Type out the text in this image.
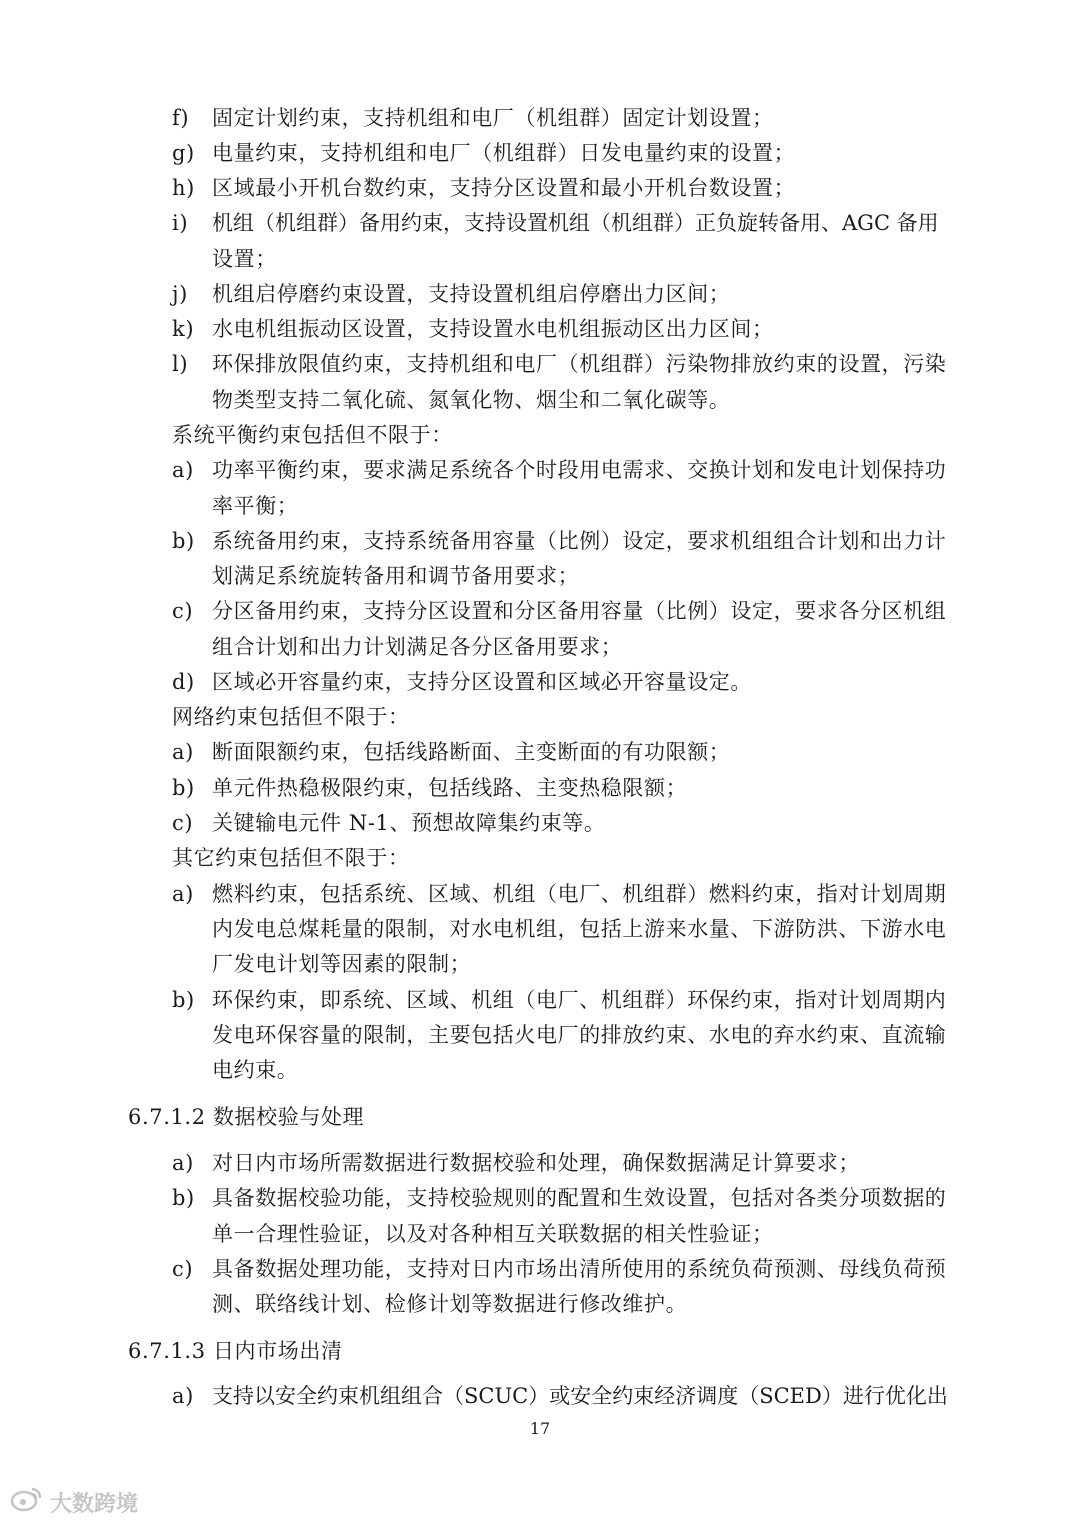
f)	固定计划约束，支持机组和电厂（机组群）固定计划设置；
g) 电量约束，支持机组和电厂（机组群）日发电量约束的设置；
h) 区域最小开机台数约束，支持分区设置和最小开机台数设置；
i)	机组（机组群）备用约束，支持设置机组（机组群）正负旋转备用、AGC 备用
设置；
j)	机组启停磨约束设置，支持设置机组启停磨出力区间；
k) 水电机组振动区设置，支持设置水电机组振动区出力区间；
l)	环保排放限值约束，支持机组和电厂（机组群）污染物排放约束的设置，污染
物类型支持二氧化硫、氮氧化物、烟尘和二氧化碳等。
系统平衡约束包括但不限于：
a) 功率平衡约束，要求满足系统各个时段用电需求、交换计划和发电计划保持功
率平衡；
b) 系统备用约束，支持系统备用容量（比例）设定，要求机组组合计划和出力计
划满足系统旋转备用和调节备用要求；
c) 分区备用约束，支持分区设置和分区备用容量（比例）设定，要求各分区机组
组合计划和出力计划满足各分区备用要求；
d) 区域必开容量约束，支持分区设置和区域必开容量设定。
网络约束包括但不限于：
a) 断面限额约束，包括线路断面、主变断面的有功限额；
b) 单元件热稳极限约束，包括线路、主变热稳限额；
c) 关键输电元件 N-1、预想故障集约束等。
其它约束包括但不限于：
a) 燃料约束，包括系统、区域、机组（电厂、机组群）燃料约束，指对计划周期
内发电总煤耗量的限制，对水电机组，包括上游来水量、下游防洪、下游水电
厂发电计划等因素的限制；
b) 环保约束，即系统、区域、机组（电厂、机组群）环保约束，指对计划周期内
发电环保容量的限制，主要包括火电厂的排放约束、水电的弃水约束、直流输
电约束。
6.7.1.2 数据校验与处理
a) 对日内市场所需数据进行数据校验和处理，确保数据满足计算要求；
b) 具备数据校验功能，支持校验规则的配置和生效设置，包括对各类分项数据的
单一合理性验证，以及对各种相互关联数据的相关性验证；
c) 具备数据处理功能，支持对日内市场出清所使用的系统负荷预测、母线负荷预
测、联络线计划、检修计划等数据进行修改维护。
6.7.1.3 日内市场出清
a) 支持以安全约束机组组合（SCUC）或安全约束经济调度（SCED）进行优化出
17
大数跨境
